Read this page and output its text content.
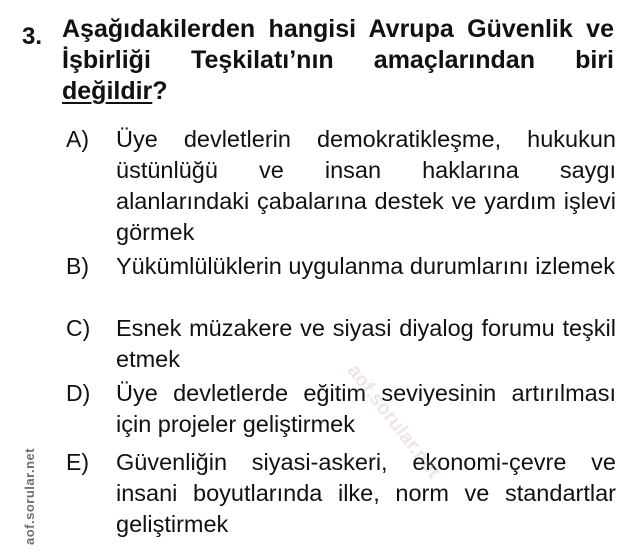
3. Aşağıdakilerden hangisi Avrupa Güvenlik ve İşbirliği Teşkilatı’nın amaçlarından biri değildir?
A) Üye devletlerin demokratikleşme, hukukun üstünlüğü ve insan haklarına saygı alanlarındaki çabalarına destek ve yardım işlevi görmek
B) Yükümlülüklerin uygulanma durumlarını izlemek
C) Esnek müzakere ve siyasi diyalog forumu teşkil etmek
D) Üye devletlerde eğitim seviyesinin artırılması için projeler geliştirmek
E) Güvenliğin siyasi-askeri, ekonomi-çevre ve insani boyutlarında ilke, norm ve standartlar geliştirmek
aof.sorular.net
aof.sorular.net
